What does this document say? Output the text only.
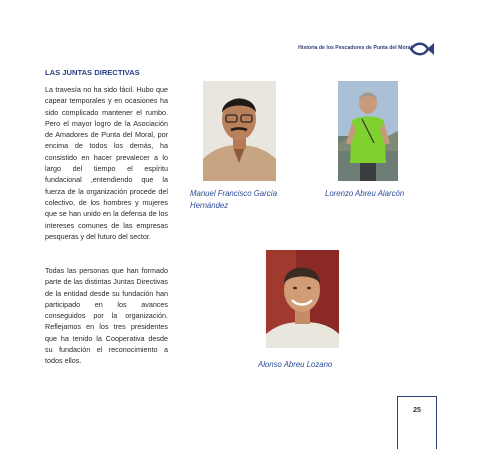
Historia de los Pescadores de Punta del Moral
LAS JUNTAS DIRECTIVAS
La travesía no ha sido fácil. Hubo que capear temporales y en ocasiones ha sido complicado mantener el rumbo. Pero el mayor logro de la Asociación de Amadores de Punta del Moral, por encima de todos los demás, ha consistido en hacer prevalecer a lo largo del tiempo el espíritu fundacional ,entendiendo que la fuerza de la organización procede del colectivo, de los hombres y mujeres que se han unido en la defensa de los intereses comunes de las empresas pesqueras y del futuro del sector.
Todas las personas que han formado parte de las distintas Juntas Directivas de la entidad desde su fundación han participado en los avances conseguidos por la organización. Reflejamos en los tres presidentes que ha tenido la Cooperativa desde su fundación el reconocimiento a todos ellos.
Manuel Francisco García Hernández
Lorenzo Abreu Alarcón
Alonso Abreu Lozano
25
